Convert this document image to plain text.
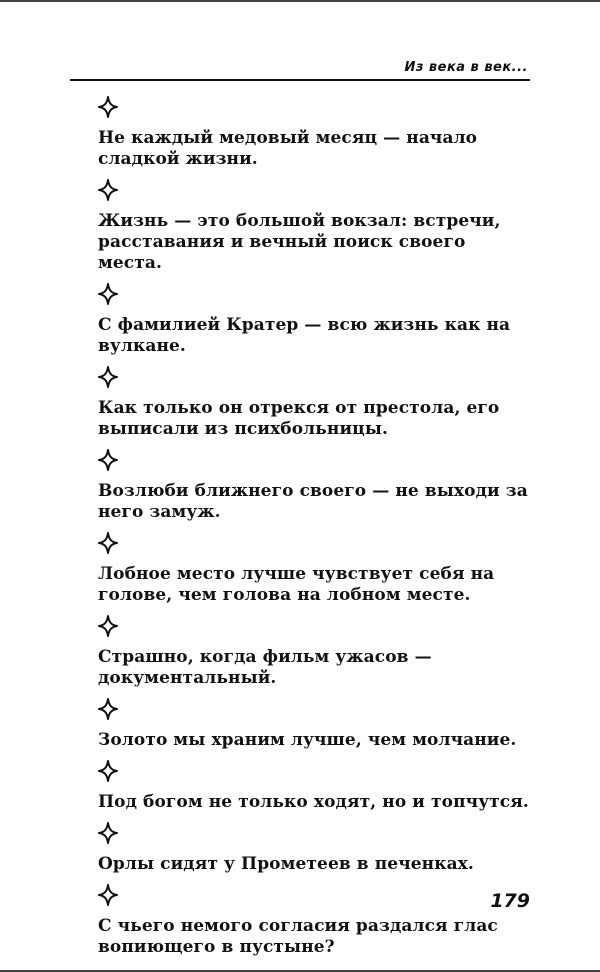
Из века в век...

Не каждый медовый месяц — начало сладкой жизни.

Жизнь — это большой вокзал: встречи, расставания и вечный поиск своего места.

С фамилией Кратер — всю жизнь как на вулкане.

Как только он отрекся от престола, его выписали из психбольницы.

Возлюби ближнего своего — не выходи за него замуж.

Лобное место лучше чувствует себя на голове, чем голова на лобном месте.

Страшно, когда фильм ужасов — документальный.

Золото мы храним лучше, чем молчание.

Под богом не только ходят, но и топчутся.

Орлы сидят у Прометеев в печенках.

С чьего немого согласия раздался глас вопиющего в пустыне?

179
